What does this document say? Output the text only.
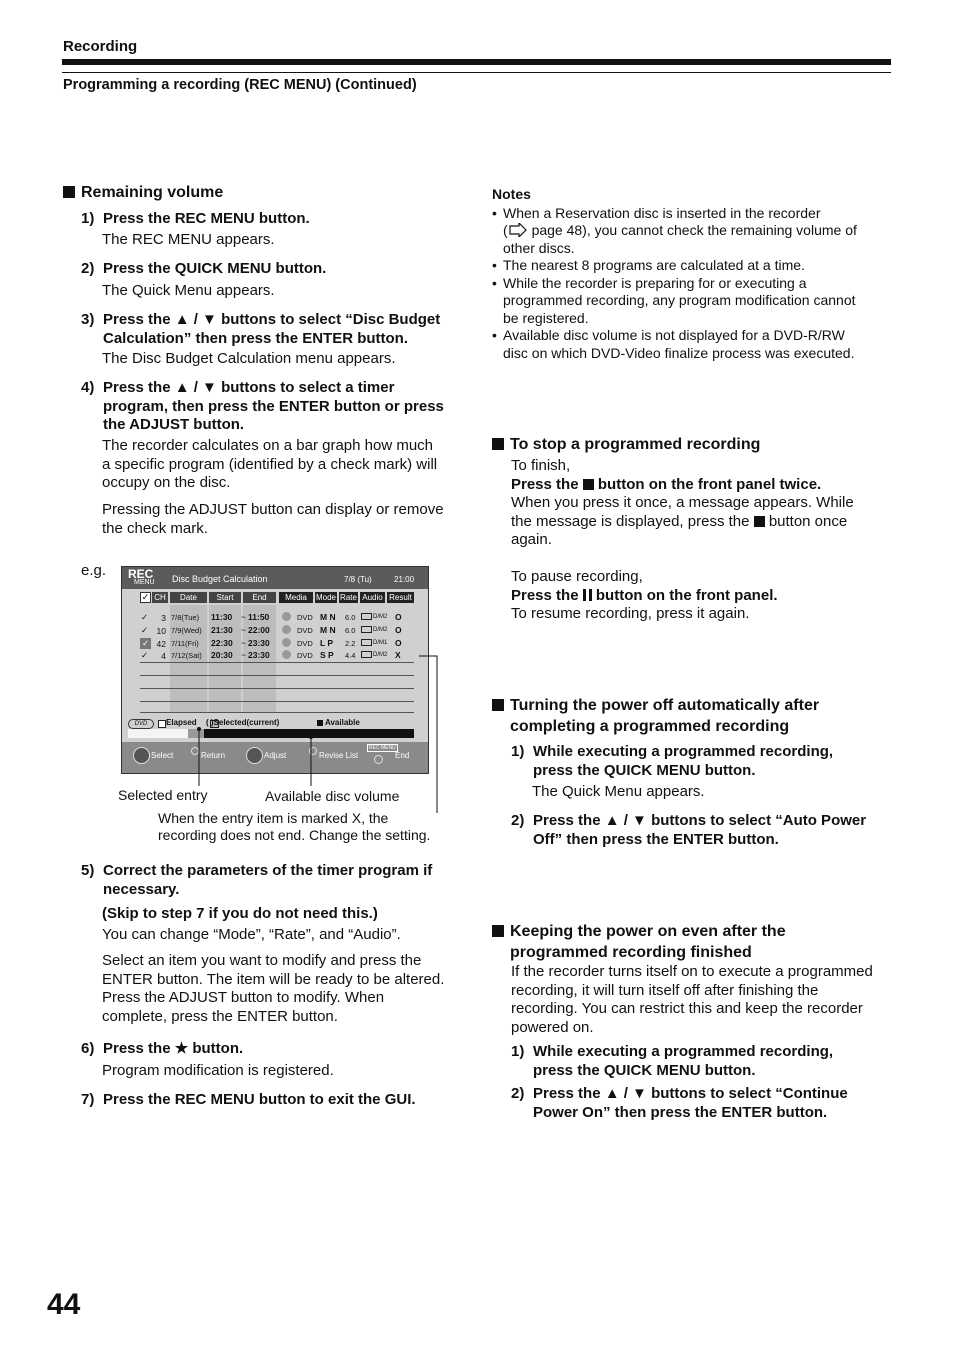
Recording
Programming a recording (REC MENU) (Continued)
Remaining volume
1) Press the REC MENU button.
The REC MENU appears.
2) Press the QUICK MENU button.
The Quick Menu appears.
3) Press the ▲ / ▼ buttons to select “Disc Budget
Calculation” then press the ENTER button.
The Disc Budget Calculation menu appears.
4) Press the ▲ / ▼ buttons to select a timer
program, then press the ENTER button or press
the ADJUST button.
The recorder calculates on a bar graph how much
a specific program (identified by a check mark) will
occupy on the disc.
Pressing the ADJUST button can display or remove
the check mark.
e.g. REC
MENU Disc Budget Calculation	7/8 (Tu)	21:00
✓ CH	Date	Start	End	Media	Mode Rate Audio Result
✓	3 7/8(Tue) 11:30 ~ 11:50	DVD M N 6.0	D/M2 O
✓ 10 7/9(Wed) 21:30 ~ 22:00	DVD M N 6.0	D/M2 O
✓ 42 7/11(Fri) 22:30 ~ 23:30	DVD L P 2.2	D/M1 O
✓	4 7/12(Sat) 20:30 ~ 23:30	DVD S P 4.4	D/M2 X
DVD	Elapsed ( )Selected(current)	Available
Select	Return	Adjust	Revise List
REC MENU
End
Selected entry	Available disc volume
When the entry item is marked X, the
recording does not end. Change the setting.
5) Correct the parameters of the timer program if
necessary.
(Skip to step 7 if you do not need this.)
You can change “Mode”, “Rate”, and “Audio”.
Select an item you want to modify and press the
ENTER button. The item will be ready to be altered.
Press the ADJUST button to modify. When
complete, press the ENTER button.
6) Press the ★ button.
Program modification is registered.
7) Press the REC MENU button to exit the GUI.
Notes
• When a Reservation disc is inserted in the recorder
( page 48), you cannot check the remaining volume of
other discs.
• The nearest 8 programs are calculated at a time.
• While the recorder is preparing for or executing a
programmed recording, any program modification cannot
be registered.
• Available disc volume is not displayed for a DVD-R/RW
disc on which DVD-Video finalize process was executed.
To stop a programmed recording
To finish,
Press the button on the front panel twice.
When you press it once, a message appears. While
the message is displayed, press the button once
again.
To pause recording,
Press the button on the front panel.
To resume recording, press it again.
Turning the power off automatically after
completing a programmed recording
1) While executing a programmed recording,
press the QUICK MENU button.
The Quick Menu appears.
2) Press the ▲ / ▼ buttons to select “Auto Power
Off” then press the ENTER button.
Keeping the power on even after the
programmed recording finished
If the recorder turns itself on to execute a programmed
recording, it will turn itself off after finishing the
recording. You can restrict this and keep the recorder
powered on.
1) While executing a programmed recording,
press the QUICK MENU button.
2) Press the ▲ / ▼ buttons to select “Continue
Power On” then press the ENTER button.
44
